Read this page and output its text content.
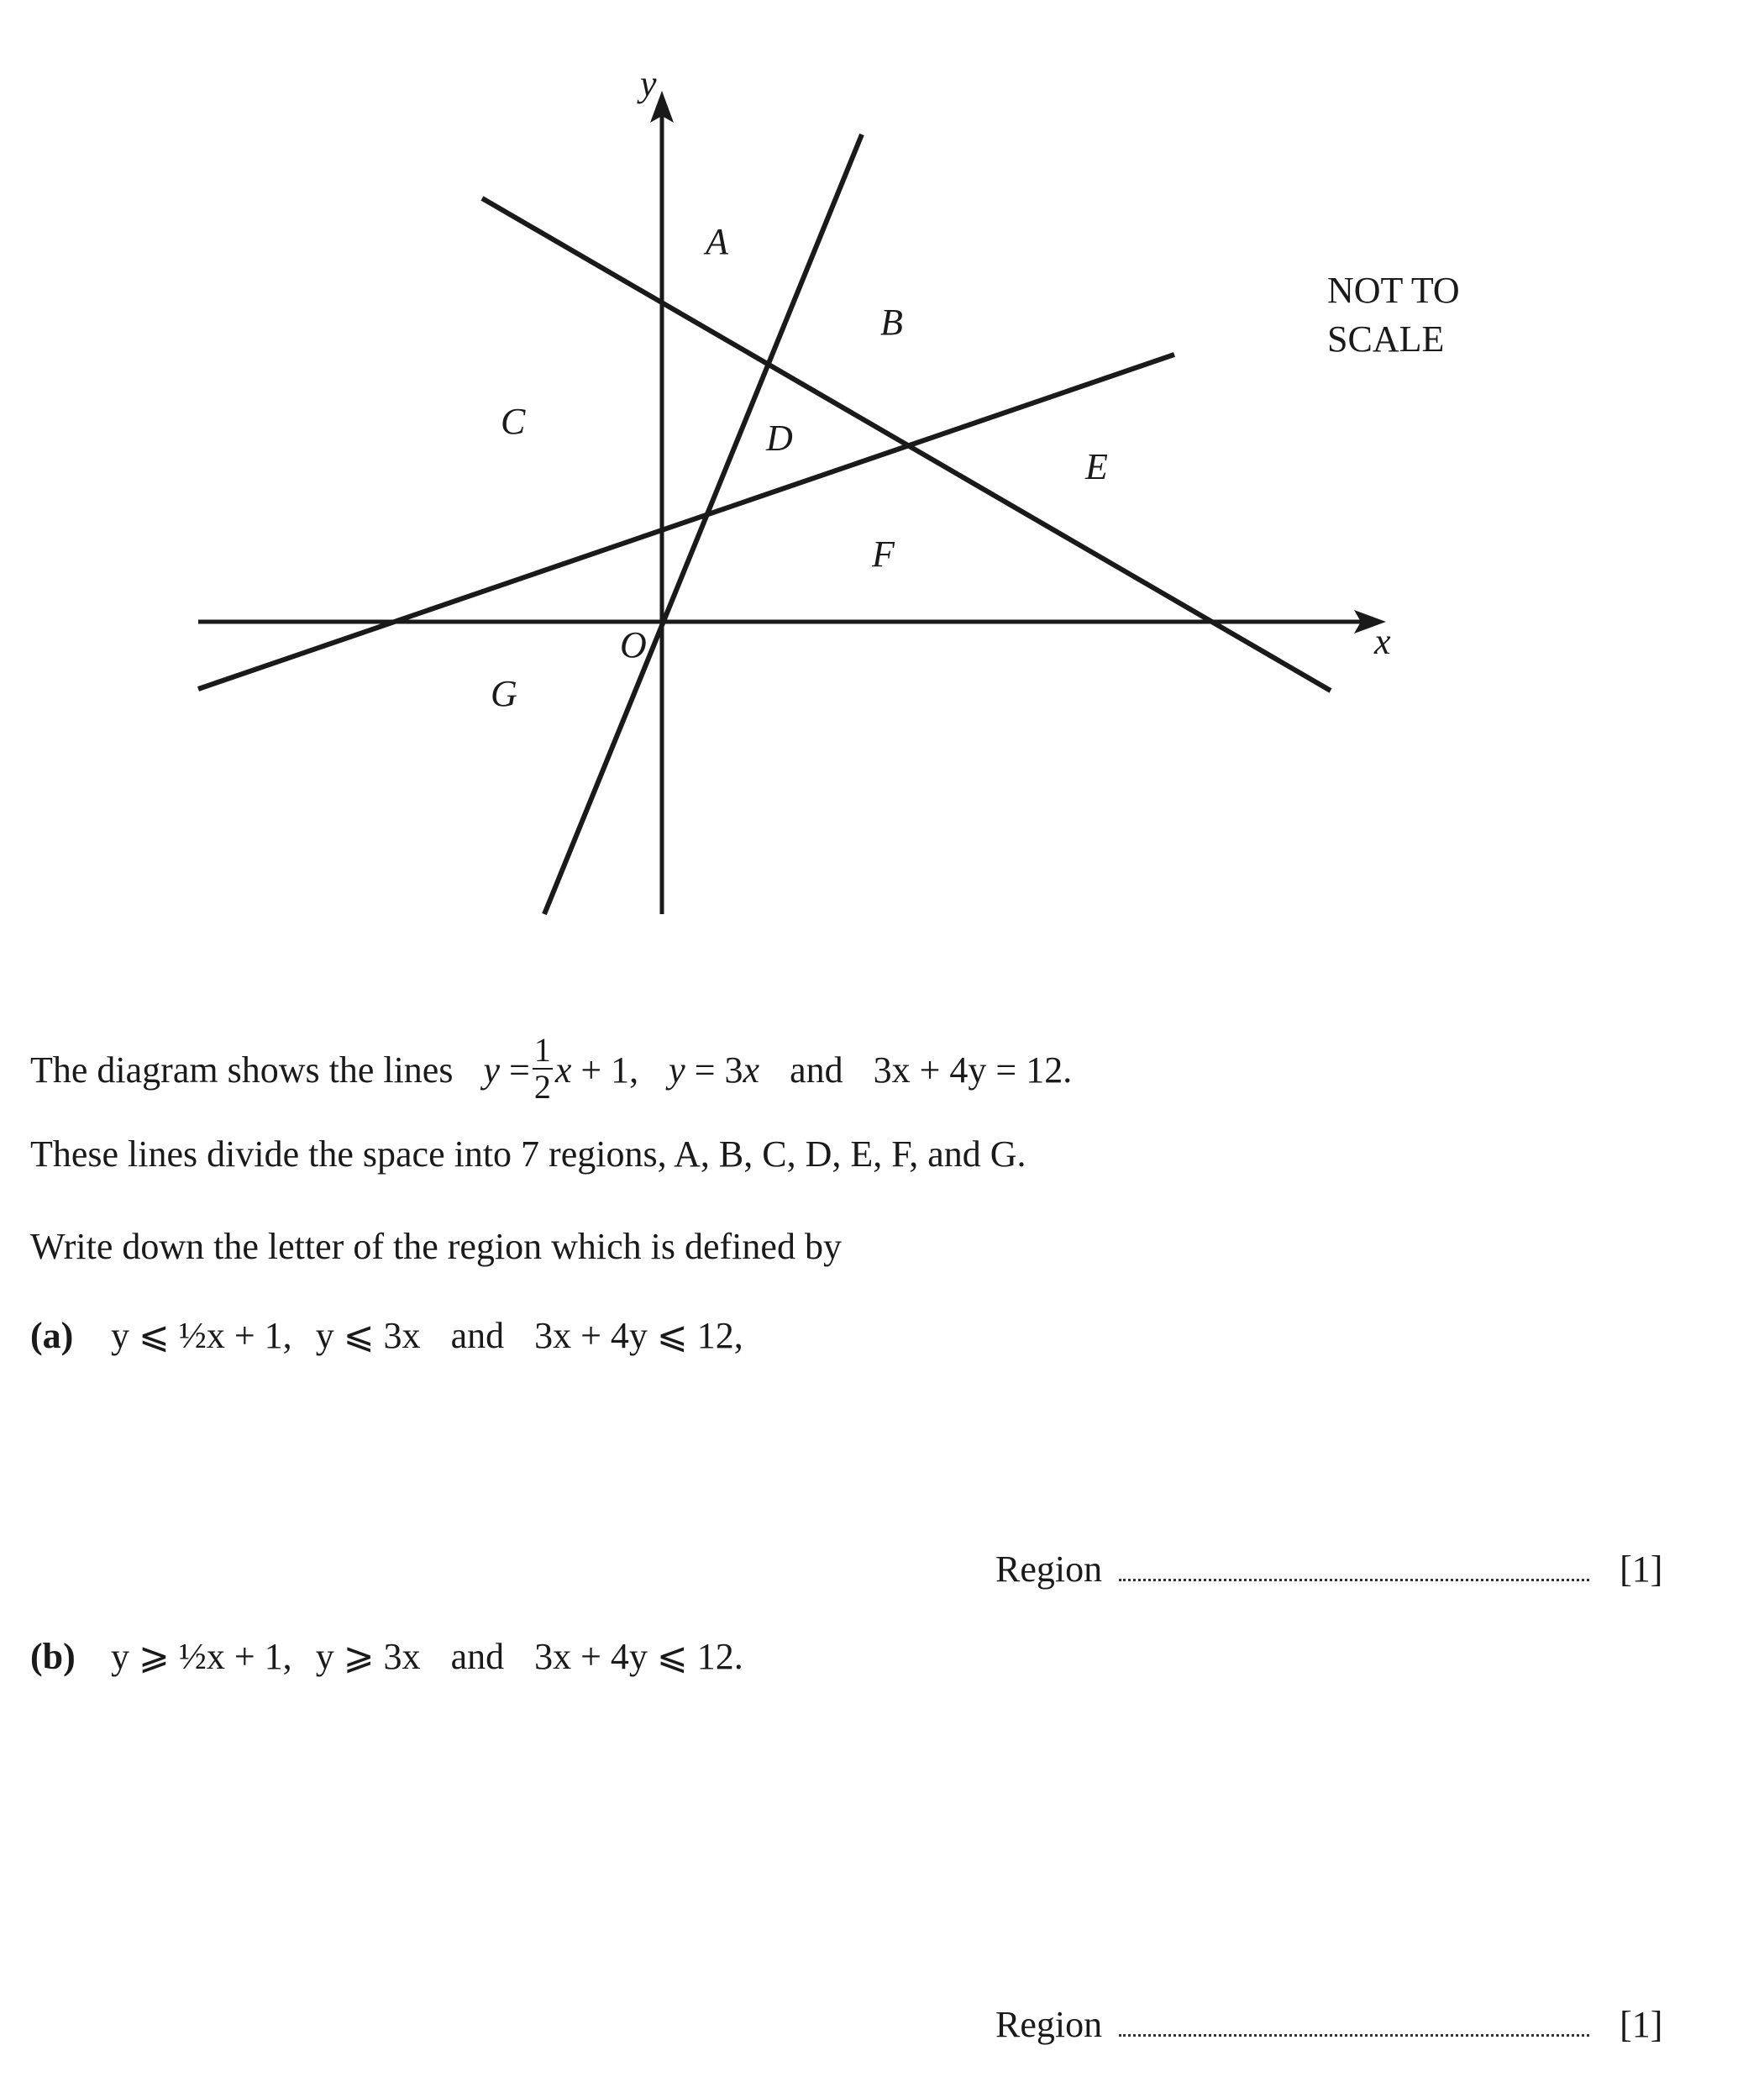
y
x
O
A
B
C	D
E
F
G
NOT TO
SCALE
The diagram shows the lines $y = \frac{1}{2}$ x + 1, y = 3x and 3x + 4y = 12.
These lines divide the space into 7 regions, A, B, C, D, E, F, and G.
Write down the letter of the region which is defined by
(a) y ⩽ ½x + 1, y ⩽ 3x and 3x + 4y ⩽ 12,
Region	[1]
(b) y ⩾ ½x + 1, y ⩾ 3x and 3x + 4y ⩽ 12.
Region	[1]
